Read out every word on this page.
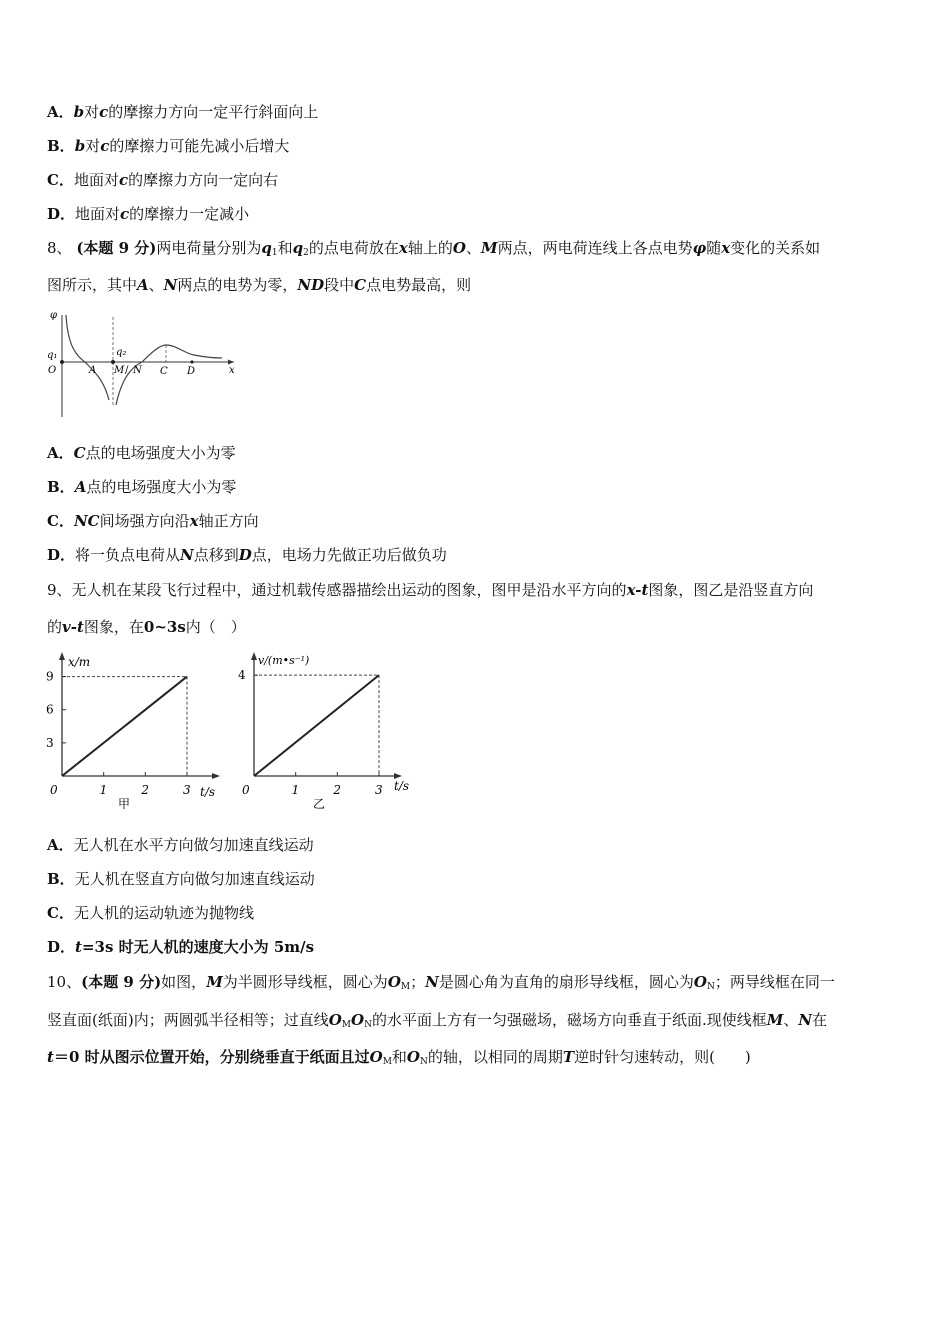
A．b对c的摩擦力方向一定平行斜面向上
B．b对c的摩擦力可能先减小后增大
C．地面对c的摩擦力方向一定向右
D．地面对c的摩擦力一定减小
8、 (本题 9 分)两电荷量分别为$q_1$和$q_2$的点电荷放在x轴上的O、M两点，两电荷连线上各点电势φ随x变化的关系如
图所示，其中A、N两点的电势为零，ND段中C点电势最高，则
φ
x
q₁	q₂
O	A M N C D
/
A．C点的电场强度大小为零
B．A点的电场强度大小为零
C．NC间场强方向沿x轴正方向
D．将一负点电荷从N点移到D点，电场力先做正功后做负功
9、无人机在某段飞行过程中，通过机载传感器描绘出运动的图象，图甲是沿水平方向的x-t图象，图乙是沿竖直方向
的v-t图象，在0~3s内（　）
0	1	2	3
3
6
9
x/m
t/s
甲
0	1	2	3
4
v/(m•s⁻¹)
t/s
乙
A．无人机在水平方向做匀加速直线运动
B．无人机在竖直方向做匀加速直线运动
C．无人机的运动轨迹为抛物线
D．t=3s 时无人机的速度大小为 5m/s
10、(本题 9 分)如图，M为半圆形导线框，圆心为$O_M$；N是圆心角为直角的扇形导线框，圆心为$O_N$；两导线框在同一
竖直面(纸面)内；两圆弧半径相等；过直线$O_MO_N$的水平面上方有一匀强磁场，磁场方向垂直于纸面.现使线框M、N在
t＝0 时从图示位置开始，分别绕垂直于纸面且过$O_M$和$O_N$的轴，以相同的周期T逆时针匀速转动，则(　　)
